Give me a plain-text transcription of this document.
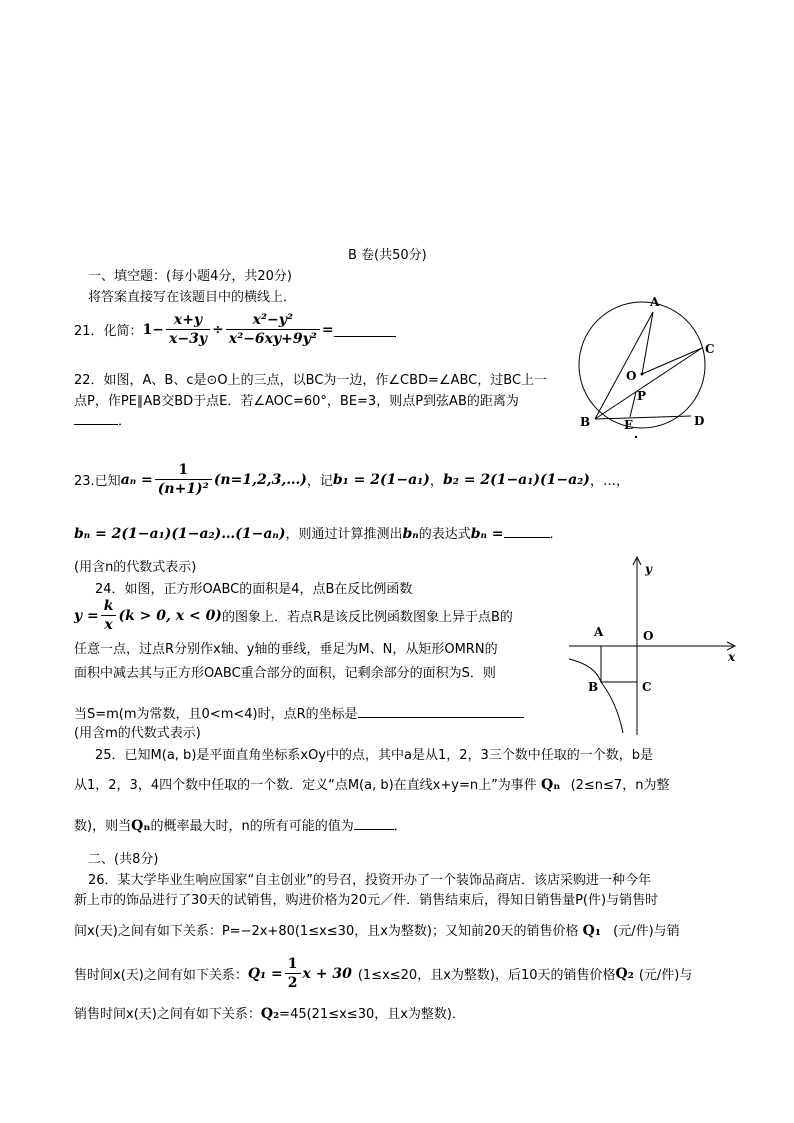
B 卷(共50分)
一、填空题：(每小题4分，共20分)
将答案直接写在该题目中的横线上．
21．化简： $1- \frac{x+y}{x-3y} \div \frac{\text{x²−y²}}{\text{x²−6xy+9y²}}$ =
22．如图，A、B、c是⊙O上的三点，以BC为一边，作∠CBD=∠ABC，过BC上一
点P，作PE∥AB交BD于点E．若∠AOC=60°，BE=3，则点P到弦AB的距离为
．
A
C
O
P
B	E	D
23.已知 $a_n = \frac{1}{\text{(n+1)²}}$ (n=1,2,3,…) ，记 b₁ = 2(1−a₁) ， b₂ = 2(1−a₁)(1−a₂) ，…，
bₙ = 2(1−a₁)(1−a₂)…(1−aₙ) ，则通过计算推测出 bₙ 的表达式 bₙ =	．
(用含n的代数式表示)
24．如图，正方形OABC的面积是4，点B在反比例函数
$y = \frac{k}{x} (k > 0$, x < 0) 的图象上．若点R是该反比例函数图象上异于点B的
任意一点，过点R分别作x轴、y轴的垂线，垂足为M、N，从矩形OMRN的
面积中减去其与正方形OABC重合部分的面积，记剩余部分的面积为S．则
当S=m(m为常数，且0<m<4)时，点R的坐标是
(用含m的代数式表示)
y
x
A	O
B	C
25．已知M(a, b)是平面直角坐标系xOy中的点，其中a是从1，2，3三个数中任取的一个数，b是
从1，2，3，4四个数中任取的一个数．定义“点M(a, b)在直线x+y=n上”为事件 Qₙ (2≤n≤7，n为整
数)，则当Qₙ的概率最大时，n的所有可能的值为	．
二、(共8分)
26．某大学毕业生响应国家“自主创业”的号召，投资开办了一个装饰品商店．该店采购进一种今年
新上市的饰品进行了30天的试销售，购进价格为20元／件．销售结束后，得知日销售量P(件)与销售时
间x(天)之间有如下关系：P=−2x+80(1≤x≤30，且x为整数)；又知前20天的销售价格 Q₁ (元/件)与销
售时间x(天)之间有如下关系： $Q_1 = \frac{1}{2}$ x + 30 (1≤x≤20，且x为整数)，后10天的销售价格 Q₂ (元/件)与
销售时间x(天)之间有如下关系：Q₂=45(21≤x≤30，且x为整数)．
